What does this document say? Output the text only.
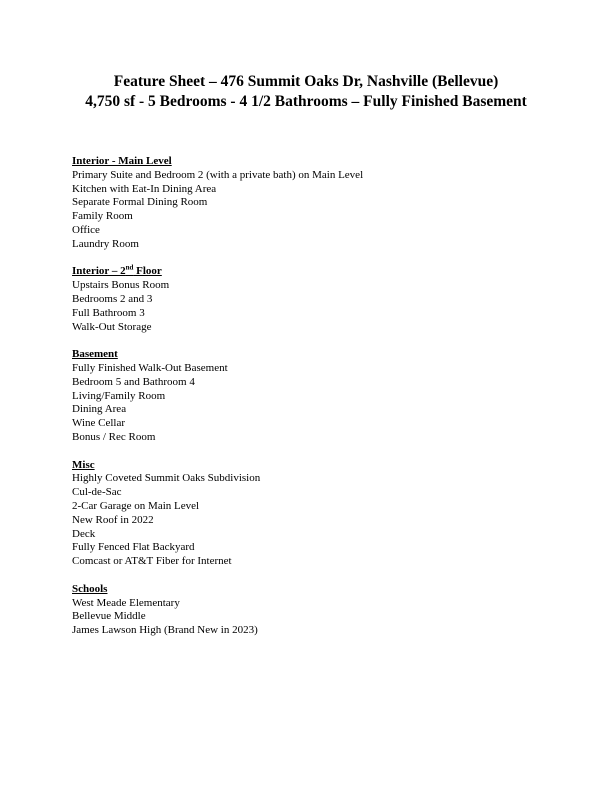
Feature Sheet – 476 Summit Oaks Dr, Nashville (Bellevue)
4,750 sf - 5 Bedrooms - 4 1/2 Bathrooms – Fully Finished Basement
Interior - Main Level
Primary Suite and Bedroom 2 (with a private bath) on Main Level
Kitchen with Eat-In Dining Area
Separate Formal Dining Room
Family Room
Office
Laundry Room
Interior – 2nd Floor
Upstairs Bonus Room
Bedrooms 2 and 3
Full Bathroom 3
Walk-Out Storage
Basement
Fully Finished Walk-Out Basement
Bedroom 5 and Bathroom 4
Living/Family Room
Dining Area
Wine Cellar
Bonus / Rec Room
Misc
Highly Coveted Summit Oaks Subdivision
Cul-de-Sac
2-Car Garage on Main Level
New Roof in 2022
Deck
Fully Fenced Flat Backyard
Comcast or AT&T Fiber for Internet
Schools
West Meade Elementary
Bellevue Middle
James Lawson High (Brand New in 2023)
